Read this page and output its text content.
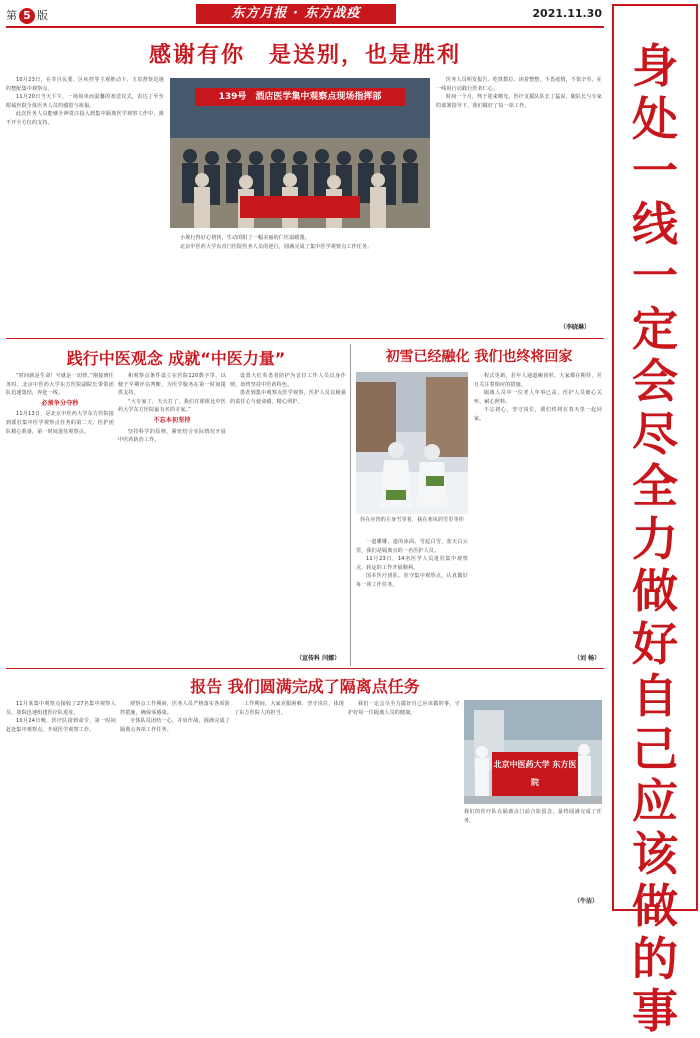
第 5 版	东方月报 · 东方战疫	2021.11.30
感谢有你　是送别，也是胜利
139号　酒店医学集中观察点现场指挥部

10月23日，在莘自民委、区疾控等主观推动下，玉泉督察迅速的整配集中观察点。

11月20日当天下午，一场简单而温馨的欢送仪式，表达了至至附属医院全体医务人员的感恩与祝福。

此次医务人员能够全神贯注投入到集中隔离医学观察工作中，离不开全方位的支持。

小规行得好心情快，生动的阳了一幅美丽的仁医温暖图。

北京中医药大学东直门医院医务人员的逆行，圆满完成了集中医学观察点工作任务。

医务人员明发报告、吃铁数位、读着整整，不畏疫情，不惧辛劳，在一线用行动践行医者仁心。

时间一个月，终于迎来曙光。医疗支援队队长丁猛说，随队长与专家的部署指导下，我们做好了每一项工作。

（李晓琳）
践行中医观念 成就“中医力量”

“时间就是生命！号就是一切律。”刚接到任务时，北京中医药大学东方医院副院长带领团队迅速集结，奔赴一线。

必须争分夺秒

11月13日，是北京中医药大学东方医院接到派驻集中医学观察点任务的第二天，医护团队精心准备，第一时间进驻观察点。

和观察点条件设立在医院120数字里，以便于早期评估判断，为医学服务在第一时间提供支持。

“大专家了，天天打了，我们在那组比中医药大学东方医院最有名的专家。”

不忘本初坚持

坚持科学的原则，紧密结合实际情况开展中医药防治工作。

设置大红英勇者防护为首位工作人员以身作则，始终坚持中医药特色。

患者到集中观察点医学观察，医护人员以极强的责任心与使命感，精心照护。

（宣传科 闫娜）
初雪已经融化 我们也终将回家
你在应皆的左身雪里着，我在寒风的雪里等你

一道雕雕，道的冰面，雪起白雪，蓝天白云里，我们是隔离点的一名医护人员。

11月23日，14名医学人员进驻集中观察点，转运的工作开展顺利。

国本医疗团队，驻守集中观察点，认真做好每一项工作任务。

程式更新。若年人通道碗顶形，大家都在期待，并且关注着相应的措施。

隔离人员中一位老人年事已高，医护人员细心关怀，耐心照料。

不忘初心，坚守岗位，我们终将在春天里一起回家。

（刘 畅）
报告 我们圆满完成了隔离点任务

11月某集中观察点接收了27名集中观察人员，我院迅速组建医疗队进驻。

10月24日晚，医疗队接到命令，第一时间赶赴集中观察点，开展医学观察工作。

观察点工作期间，医务人员严格落实各项防控措施，确保零感染。

全体队员团结一心，并肩作战，圆满完成了隔离点各项工作任务。

工作期间，大家克服困难，坚守岗位，体现了东方医院人的担当。

我们一定会尽全力做好自己应该做的事，守护好每一位隔离人员的健康。

北京中医药大学 东方医院
我们的医疗队在隔离点门前合影留念，最终圆满完成了任务。
（牛洁）
身处一线 一定会尽全力做好自己应该做的事
